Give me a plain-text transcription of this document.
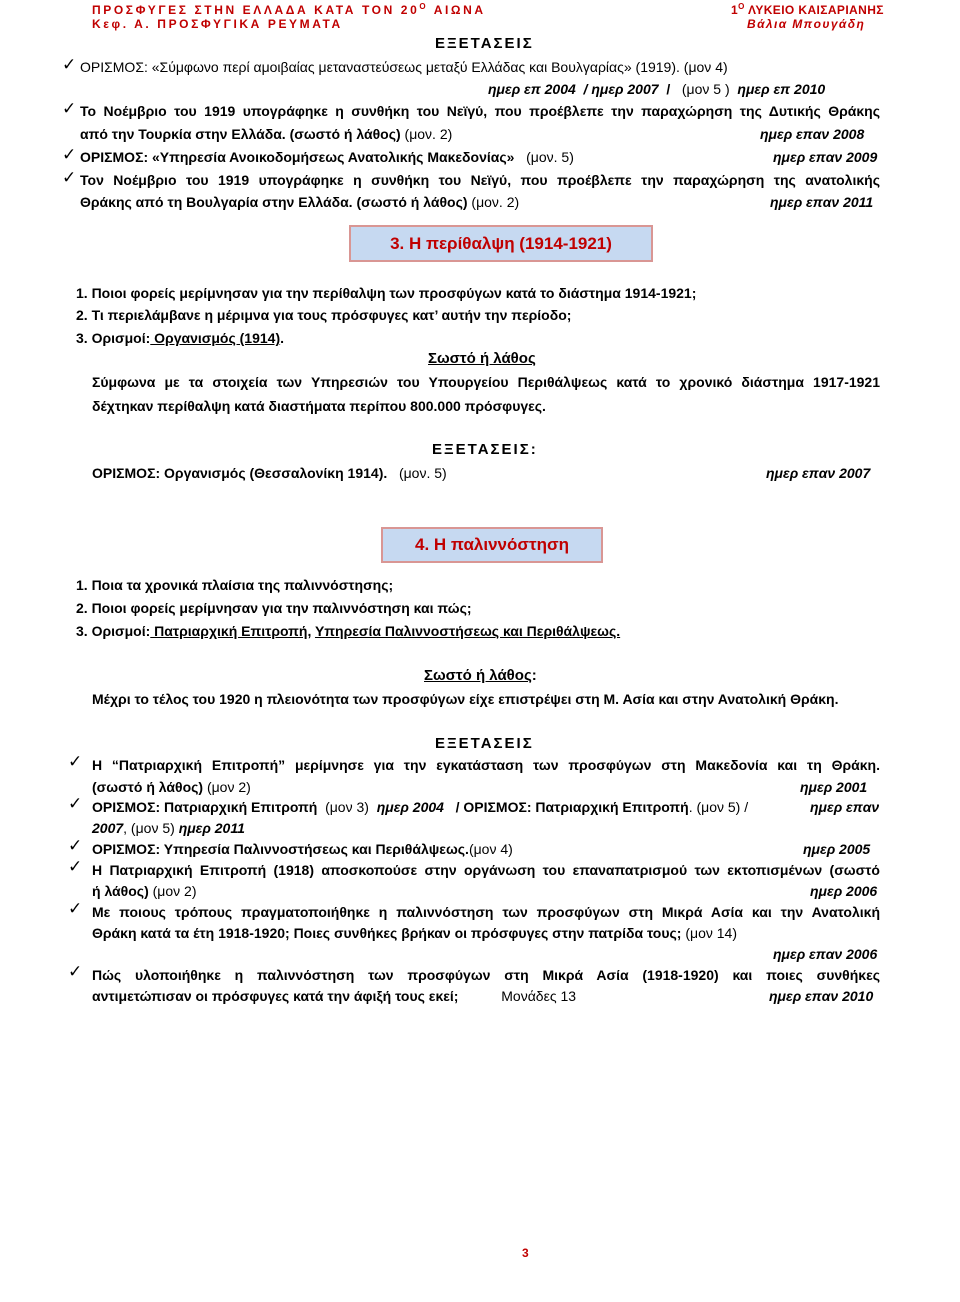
ΠΡΟΣΦΥΓΕΣ ΣΤΗΝ ΕΛΛΑΔΑ ΚΑΤΑ ΤΟΝ $20^O$ ΑΙΩΝΑ
Κεφ. Α. ΠΡΟΣΦΥΓΙΚΑ ΡΕΥΜΑΤΑ
$1^O$ ΛΥΚΕΙΟ ΚΑΙΣΑΡΙΑΝΗΣ
Βάλια Μπουγάδη
ΕΞΕΤΑΣΕΙΣ
✓ ΟΡΙΣΜΟΣ: «Σύμφωνο περί αμοιβαίας μεταναστεύσεως μεταξύ Ελλάδας και Βουλγαρίας» (1919). (μον 4)
ημερ επ 2004 / ημερ 2007 / (μον 5 ) ημερ επ 2010
✓ Το Νοέμβριο του 1919 υπογράφηκε η συνθήκη του Νεϊγύ, που προέβλεπε την παραχώρηση της Δυτικής Θράκης
από την Τουρκία στην Ελλάδα. (σωστό ή λάθος) (μον. 2)	ημερ επαν 2008
✓ ΟΡΙΣΜΟΣ: «Υπηρεσία Ανοικοδομήσεως Ανατολικής Μακεδονίας» (μον. 5)	ημερ επαν 2009
✓ Τον Νοέμβριο του 1919 υπογράφηκε η συνθήκη του Νεϊγύ, που προέβλεπε την παραχώρηση της ανατολικής
Θράκης από τη Βουλγαρία στην Ελλάδα. (σωστό ή λάθος) (μον. 2)	ημερ επαν 2011
3. Η περίθαλψη (1914-1921)
1. Ποιοι φορείς μερίμνησαν για την περίθαλψη των προσφύγων κατά το διάστημα 1914-1921;
2. Τι περιελάμβανε η μέριμνα για τους πρόσφυγες κατ’ αυτήν την περίοδο;
3. Ορισμοί: Οργανισμός (1914).
Σωστό ή λάθος
Σύμφωνα με τα στοιχεία των Υπηρεσιών του Υπουργείου Περιθάλψεως κατά το χρονικό διάστημα 1917-1921
δέχτηκαν περίθαλψη κατά διαστήματα περίπου 800.000 πρόσφυγες.
ΕΞΕΤΑΣΕΙΣ:
ΟΡΙΣΜΟΣ: Οργανισμός (Θεσσαλονίκη 1914). (μον. 5)	ημερ επαν 2007
4. Η παλιννόστηση
1. Ποια τα χρονικά πλαίσια της παλιννόστησης;
2. Ποιοι φορείς μερίμνησαν για την παλιννόστηση και πώς;
3. Ορισμοί: Πατριαρχική Επιτροπή, Υπηρεσία Παλιννοστήσεως και Περιθάλψεως.
Σωστό ή λάθος:
Μέχρι το τέλος του 1920 η πλειονότητα των προσφύγων είχε επιστρέψει στη Μ. Ασία και στην Ανατολική Θράκη.
ΕΞΕΤΑΣΕΙΣ
✓ Η “Πατριαρχική Επιτροπή” μερίμνησε για την εγκατάσταση των προσφύγων στη Μακεδονία και τη Θράκη.
(σωστό ή λάθος) (μον 2)	ημερ 2001
✓ ΟΡΙΣΜΟΣ: Πατριαρχική Επιτροπή (μον 3) ημερ 2004 / ΟΡΙΣΜΟΣ: Πατριαρχική Επιτροπή. (μον 5) /	ημερ επαν
2007, (μον 5) ημερ 2011
✓ ΟΡΙΣΜΟΣ: Υπηρεσία Παλιννοστήσεως και Περιθάλψεως.(μον 4)	ημερ 2005
✓ Η Πατριαρχική Επιτροπή (1918) αποσκοπούσε στην οργάνωση του επαναπατρισμού των εκτοπισμένων (σωστό
ή λάθος) (μον 2)	ημερ 2006
✓ Με ποιους τρόπους πραγματοποιήθηκε η παλιννόστηση των προσφύγων στη Μικρά Ασία και την Ανατολική
Θράκη κατά τα έτη 1918-1920; Ποιες συνθήκες βρήκαν οι πρόσφυγες στην πατρίδα τους; (μον 14)
ημερ επαν 2006
✓ Πώς υλοποιήθηκε η παλιννόστηση των προσφύγων στη Μικρά Ασία (1918-1920) και ποιες συνθήκες
αντιμετώπισαν οι πρόσφυγες κατά την άφιξή τους εκεί;	Μονάδες 13	ημερ επαν 2010
3
